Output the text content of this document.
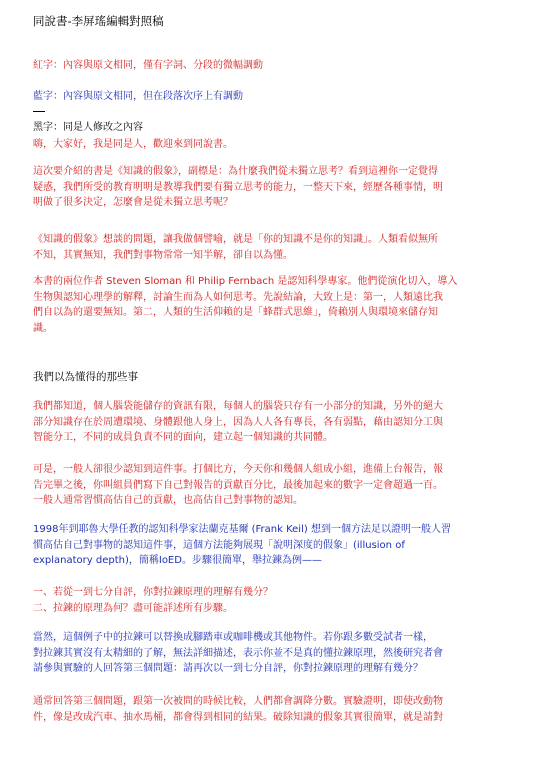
同說書-李屏瑤編輯對照稿

紅字：內容與原文相同，僅有字詞、分段的微幅調動

藍字：內容與原文相同，但在段落次序上有調動

黑字：同是人修改之內容

嗨，大家好，我是同是人，歡迎來到同說書。
這次要介紹的書是《知識的假象》，副標是：為什麼我們從未獨立思考？看到這裡你一定覺得
疑惑，我們所受的教育明明是教導我們要有獨立思考的能力，一整天下來，經歷各種事情，明
明做了很多決定，怎麼會是從未獨立思考呢？
《知識的假象》想談的問題，讓我做個譬喻，就是「你的知識不是你的知識」。人類看似無所
不知，其實無知，我們對事物常常一知半解，卻自以為懂。
本書的兩位作者 Steven Sloman 和 Philip Fernbach 是認知科學專家。他們從演化切入，導入
生物與認知心理學的解釋，討論生而為人如何思考。先說結論，大致上是：第一，人類遠比我
們自以為的還要無知。第二，人類的生活仰賴的是「蜂群式思維」，倚賴別人與環境來儲存知
識。
我們以為懂得的那些事
我們都知道，個人腦袋能儲存的資訊有限，每個人的腦袋只存有一小部分的知識，另外的絕大
部分知識存在於周遭環境、身體跟他人身上，因為人人各有專長，各有弱點，藉由認知分工與
智能分工，不同的成員負責不同的面向，建立起一個知識的共同體。
可是，一般人卻很少認知到這件事。打個比方，今天你和幾個人組成小組，進備上台報告，報
告完畢之後，你叫組員們寫下自己對報告的貢獻百分比，最後加起來的數字一定會超過一百。
一般人通常習慣高估自己的貢獻，也高估自己對事物的認知。
1998年到耶魯大學任教的認知科學家法蘭克基爾 (Frank Keil) 想到一個方法足以證明一般人習
慣高估自己對事物的認知這件事，這個方法能夠展現「說明深度的假象」(illusion of
explanatory depth)，簡稱IoED。步驟很簡單，舉拉鍊為例——
一、若從一到七分自評，你對拉鍊原理的理解有幾分？
二、拉鍊的原理為何？盡可能詳述所有步驟。
當然，這個例子中的拉鍊可以替換成腳踏車或咖啡機或其他物件。若你跟多數受試者一樣，
對拉鍊其實沒有太精細的了解，無法詳細描述，表示你並不是真的懂拉鍊原理，然後研究者會
請參與實驗的人回答第三個問題：請再次以一到七分自評，你對拉鍊原理的理解有幾分？
通常回答第三個問題，跟第一次被問的時候比較，人們都會調降分數。實驗證明，即使改動物
件，像是改成汽車、抽水馬桶，都會得到相同的結果。破除知識的假象其實很簡單，就是請對
